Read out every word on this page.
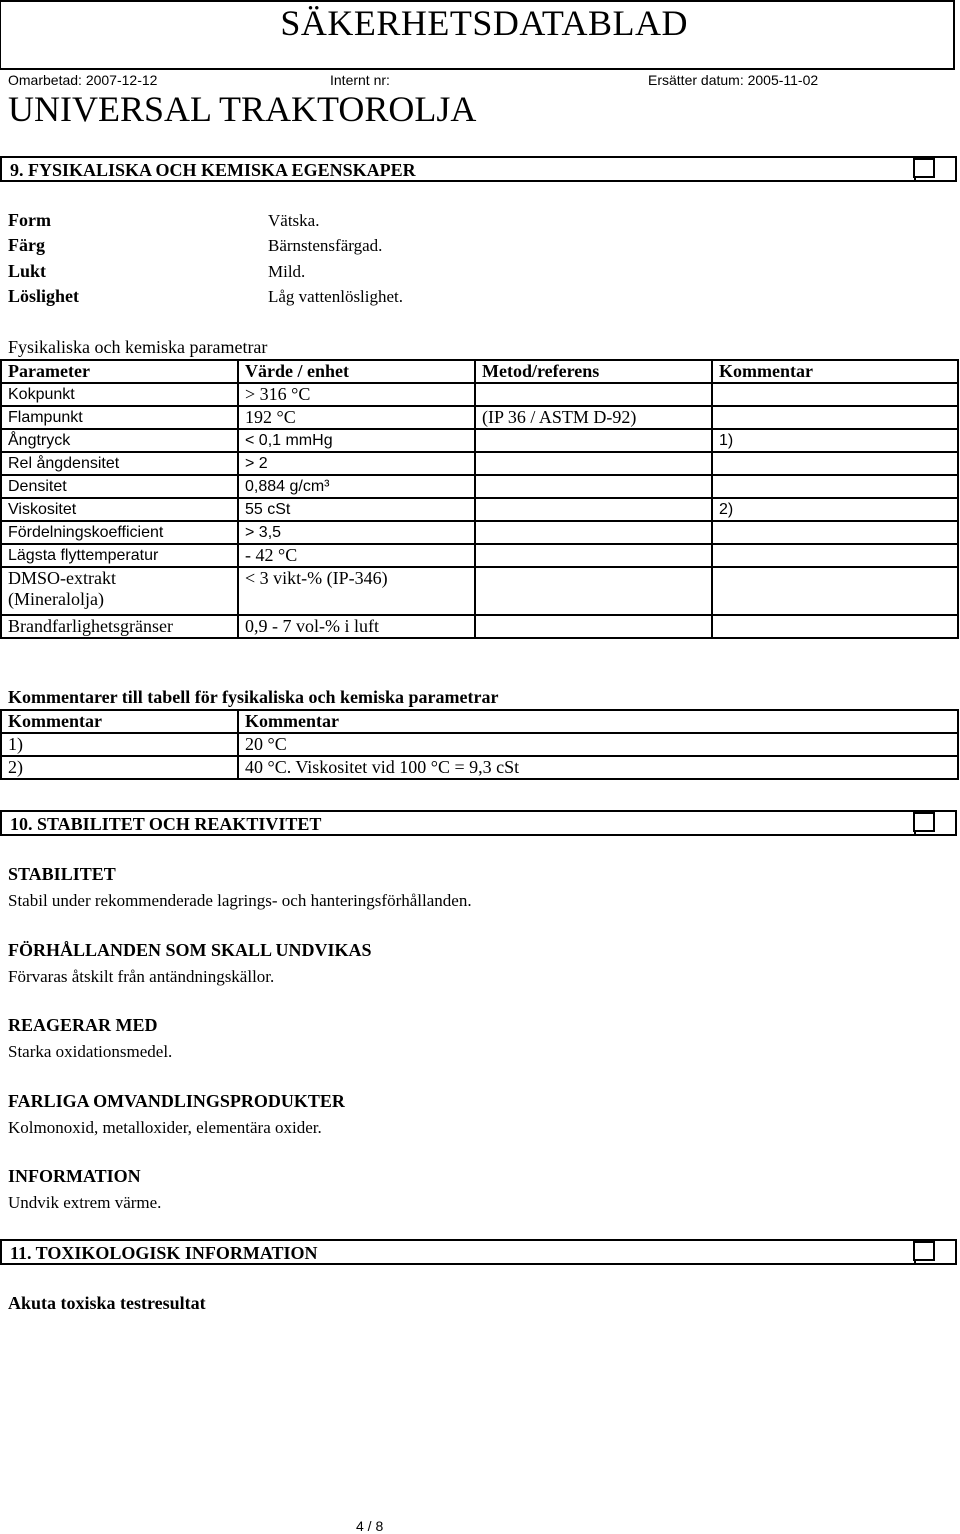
SÄKERHETSDATABLAD
Omarbetad: 2007-12-12	Internt nr:	Ersätter datum: 2005-11-02
UNIVERSAL TRAKTOROLJA
9. FYSIKALISKA OCH KEMISKA EGENSKAPER
Form	Vätska.
Färg	Bärnstensfärgad.
Lukt	Mild.
Löslighet	Låg vattenlöslighet.
Fysikaliska och kemiska parametrar
Parameter	Värde / enhet	Metod/referens	Kommentar
Kokpunkt	> 316 °C		
Flampunkt	192 °C	(IP 36 / ASTM D-92)	
Ångtryck	< 0,1 mmHg		1)
Rel ångdensitet	> 2		
Densitet	0,884 g/cm³		
Viskositet	55 cSt		2)
Fördelningskoefficient	> 3,5		
Lägsta flyttemperatur	- 42 °C		

DMSO-extrakt
(Mineralolja)	< 3 vikt-% (IP-346)		
Brandfarlighetsgränser	0,9 - 7 vol-% i luft		
Kommentarer till tabell för fysikaliska och kemiska parametrar
Kommentar	Kommentar
1)	20 °C
2)	40 °C. Viskositet vid 100 °C = 9,3 cSt
10. STABILITET OCH REAKTIVITET
STABILITET
Stabil under rekommenderade lagrings- och hanteringsförhållanden.
FÖRHÅLLANDEN SOM SKALL UNDVIKAS
Förvaras åtskilt från antändningskällor.
REAGERAR MED
Starka oxidationsmedel.
FARLIGA OMVANDLINGSPRODUKTER
Kolmonoxid, metalloxider, elementära oxider.
INFORMATION
Undvik extrem värme.
11. TOXIKOLOGISK INFORMATION
Akuta toxiska testresultat
4 / 8
